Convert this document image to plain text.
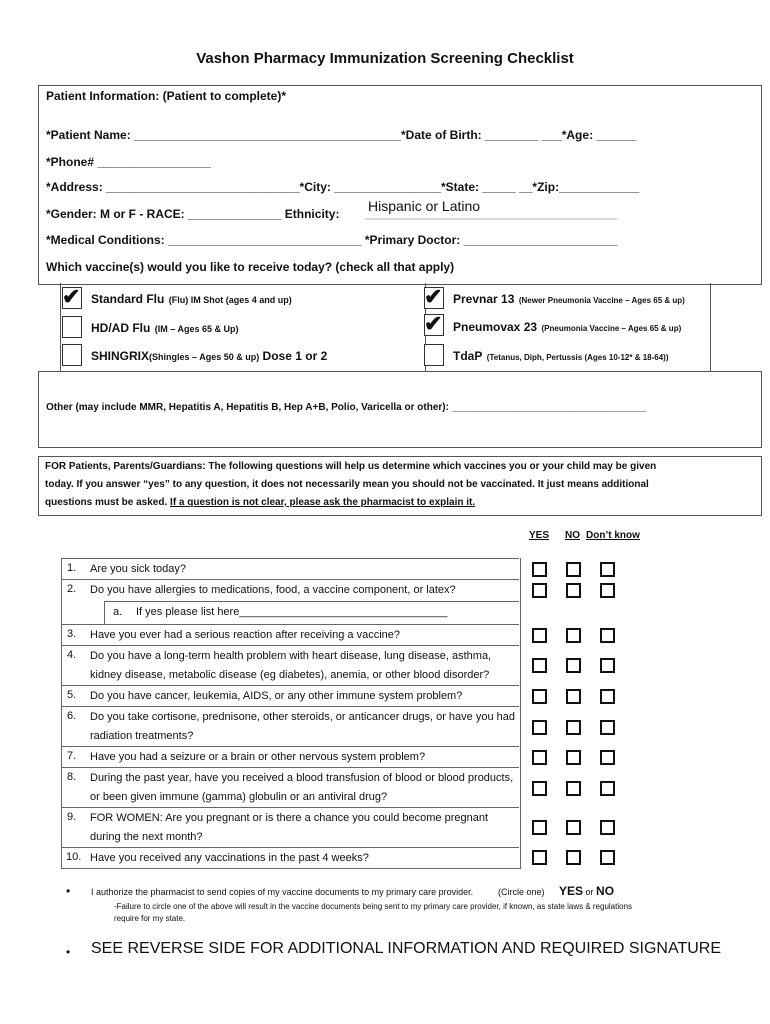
Vashon Pharmacy Immunization Screening Checklist
Patient Information: (Patient to complete)*
*Patient Name: ________________________________________*Date of Birth: ________ ___*Age: ______
*Phone# _________________
*Address: _____________________________*City: ________________*State: _____ __*Zip:____________
*Gender: M or F - RACE: ______________ Ethnicity: Hispanic or Latino
*Medical Conditions: _____________________________ *Primary Doctor: _______________________
Which vaccine(s) would you like to receive today? (check all that apply)
✔ Standard Flu (Flu) IM Shot (ages 4 and up)
HD/AD Flu (IM – Ages 65 & Up)
SHINGRIX(Shingles – Ages 50 & up) Dose 1 or 2
✔ Prevnar 13 (Newer Pneumonia Vaccine – Ages 65 & up)
✔ Pneumovax 23 (Pneumonia Vaccine – Ages 65 & up)
TdaP (Tetanus, Diph, Pertussis (Ages 10-12* & 18-64))
Other (may include MMR, Hepatitis A, Hepatitis B, Hep A+B, Polio, Varicella or other): ___________________________________
FOR Patients, Parents/Guardians: The following questions will help us determine which vaccines you or your child may be given
today. If you answer “yes” to any question, it does not necessarily mean you should not be vaccinated. It just means additional
questions must be asked. If a question is not clear, please ask the pharmacist to explain it.
YES NO Don’t know
1. Are you sick today?
2. Do you have allergies to medications, food, a vaccine component, or latex?
a. If yes please list here__________________________________
3. Have you ever had a serious reaction after receiving a vaccine?
4. Do you have a long-term health problem with heart disease, lung disease, asthma, kidney disease, metabolic disease (eg diabetes), anemia, or other blood disorder?
5. Do you have cancer, leukemia, AIDS, or any other immune system problem?
6. Do you take cortisone, prednisone, other steroids, or anticancer drugs, or have you had radiation treatments?
7. Have you had a seizure or a brain or other nervous system problem?
8. During the past year, have you received a blood transfusion of blood or blood products, or been given immune (gamma) globulin or an antiviral drug?
9. FOR WOMEN: Are you pregnant or is there a chance you could become pregnant during the next month?
10. Have you received any vaccinations in the past 4 weeks?
• I authorize the pharmacist to send copies of my vaccine documents to my primary care provider.	(Circle one) YES or NO
-Failure to circle one of the above will result in the vaccine documents being sent to my primary care provider, if known, as state laws & regulations
require for my state.
• SEE REVERSE SIDE FOR ADDITIONAL INFORMATION AND REQUIRED SIGNATURE
